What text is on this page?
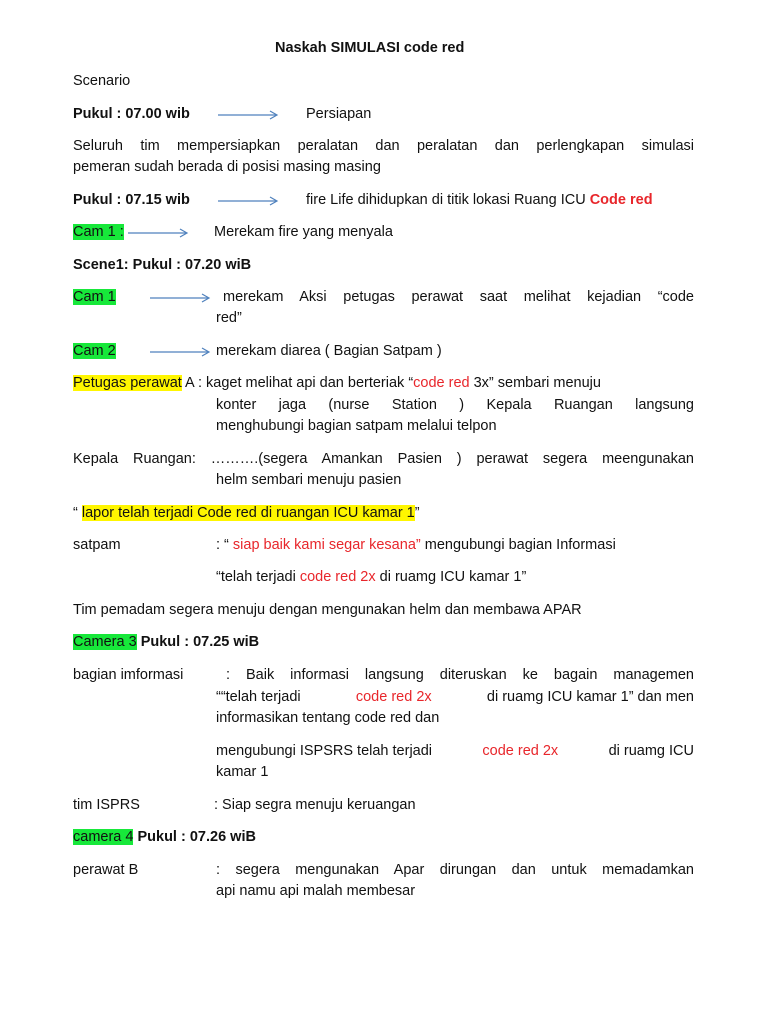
Naskah SIMULASI code red
Scenario
Pukul : 07.00 wib	Persiapan
Seluruh tim mempersiapkan peralatan dan peralatan dan perlengkapan simulasi
pemeran sudah berada di posisi masing masing
Pukul : 07.15 wib	fire Life dihidupkan di titik lokasi Ruang ICU Code red
Cam 1 :	Merekam fire yang menyala
Scene1: Pukul : 07.20 wiB
Cam 1	merekam Aksi petugas perawat saat melihat kejadian “code
red”
Cam 2	merekam diarea ( Bagian Satpam )
Petugas perawat A : kaget melihat api dan berteriak “code red 3x” sembari menuju
konter jaga (nurse Station ) Kepala Ruangan langsung
menghubungi bagian satpam melalui telpon
Kepala Ruangan: ……….(segera Amankan Pasien ) perawat segera meengunakan
helm sembari menuju pasien
“ lapor telah terjadi Code red di ruangan ICU kamar 1”
satpam	: “ siap baik kami segar kesana” mengubungi bagian Informasi
“telah terjadi code red 2x di ruamg ICU kamar 1”
Tim pemadam segera menuju dengan mengunakan helm dan membawa APAR
Camera 3 Pukul : 07.25 wiB
bagian imformasi	: Baik informasi langsung diteruskan ke bagain managemen
““telah terjadi	code red 2x	di ruamg ICU kamar 1” dan men
informasikan tentang code red dan
mengubungi ISPSRS telah terjadi	code red 2x	di ruamg ICU
kamar 1
tim ISPRS	: Siap segra menuju keruangan
camera 4 Pukul : 07.26 wiB
perawat B	: segera mengunakan Apar dirungan dan untuk memadamkan
api namu api malah membesar
